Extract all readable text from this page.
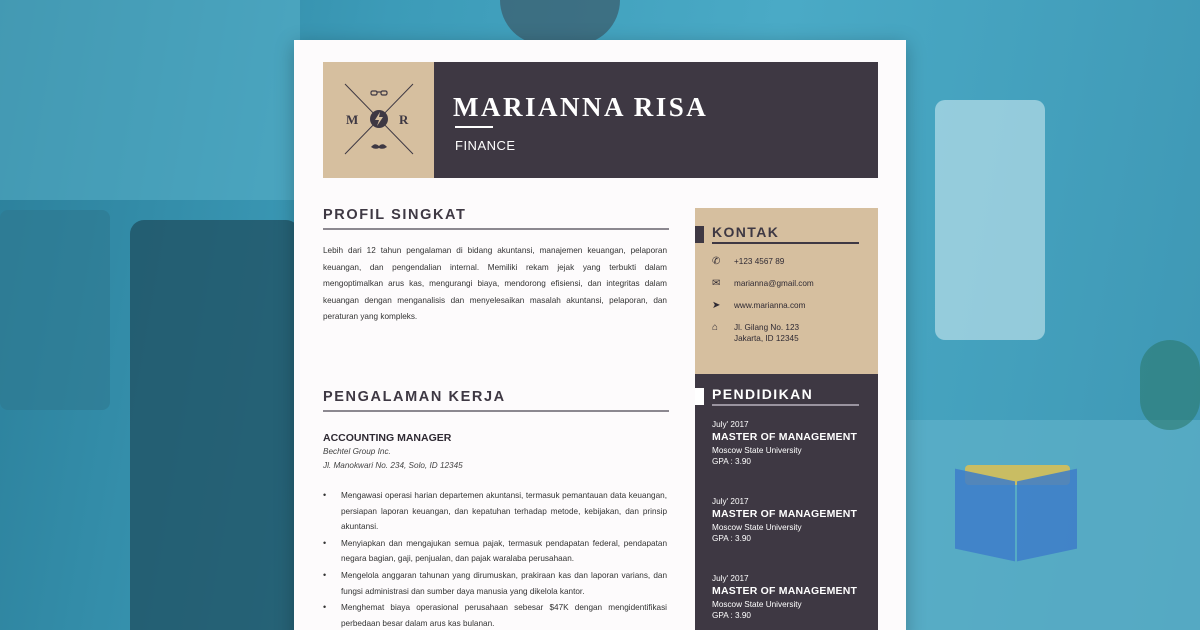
M	R MARIANNA RISA
FINANCE
PROFIL SINGKAT

Lebih dari 12 tahun pengalaman di bidang akuntansi, manajemen keuangan, pelaporan keuangan, dan pengendalian internal. Memiliki rekam jejak yang terbukti dalam mengoptimalkan arus kas, mengurangi biaya, mendorong efisiensi, dan integritas dalam keuangan dengan menganalisis dan menyelesaikan masalah akuntansi, pelaporan, dan peraturan yang kompleks.

PENGALAMAN KERJA
ACCOUNTING MANAGER
Bechtel Group Inc.
Jl. Manokwari No. 234, Solo, ID 12345
• Mengawasi operasi harian departemen akuntansi, termasuk pemantauan data keuangan, persiapan laporan keuangan, dan kepatuhan terhadap metode, kebijakan, dan prinsip akuntansi.
• Menyiapkan dan mengajukan semua pajak, termasuk pendapatan federal, pendapatan negara bagian, gaji, penjualan, dan pajak waralaba perusahaan.
• Mengelola anggaran tahunan yang dirumuskan, prakiraan kas dan laporan varians, dan fungsi administrasi dan sumber daya manusia yang dikelola kantor.
• Menghemat biaya operasional perusahaan sebesar $47K dengan mengidentifikasi perbedaan besar dalam arus kas bulanan.
KONTAK
✆	+123 4567 89
✉	marianna@gmail.com
➤	www.marianna.com
⌂	Jl. Gilang No. 123
Jakarta, ID 12345
PENDIDIKAN
July' 2017
MASTER OF MANAGEMENT
Moscow State University
GPA : 3.90
July' 2017
MASTER OF MANAGEMENT
Moscow State University
GPA : 3.90
July' 2017
MASTER OF MANAGEMENT
Moscow State University
GPA : 3.90
